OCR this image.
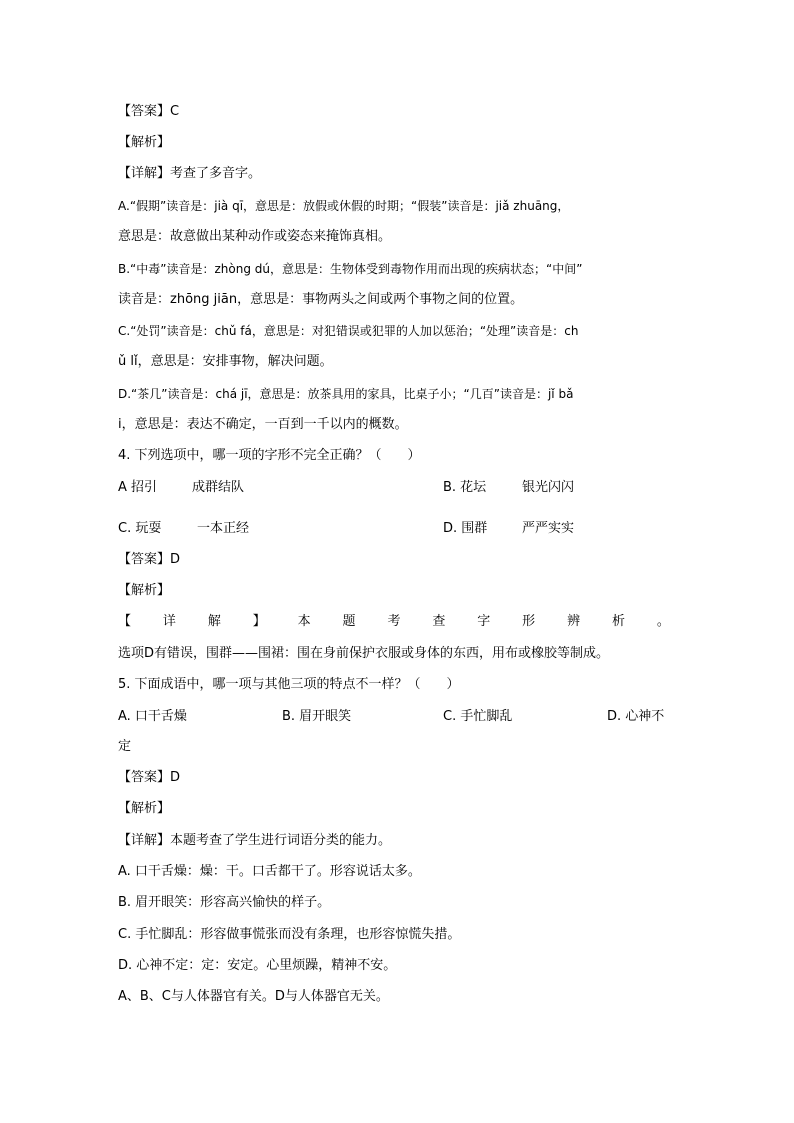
【答案】C
【解析】
【详解】考查了多音字。
A.“假期”读音是：jià qī，意思是：放假或休假的时期；“假装”读音是：jiǎ zhuāng，
意思是：故意做出某种动作或姿态来掩饰真相。
B.“中毒”读音是：zhòng dú，意思是：生物体受到毒物作用而出现的疾病状态；“中间”
读音是：zhōng jiān，意思是：事物两头之间或两个事物之间的位置。
C.“处罚”读音是：chǔ fá，意思是：对犯错误或犯罪的人加以惩治；“处理”读音是：ch
ǔ lǐ，意思是：安排事物，解决问题。
D.“茶几”读音是：chá jī，意思是：放茶具用的家具，比桌子小；“几百”读音是：jǐ bǎ
i，意思是：表达不确定，一百到一千以内的概数。
4. 下列选项中，哪一项的字形不完全正确？（　　）
A 招引	成群结队	B. 花坛	银光闪闪
C. 玩耍	一本正经	D. 围群	严严实实
【答案】D
【解析】
【 详 解 】 本 题 考 查 字 形 辨 析 。
选项D有错误，围群——围裙：围在身前保护衣服或身体的东西，用布或橡胶等制成。
5. 下面成语中，哪一项与其他三项的特点不一样？（　　）
A. 口干舌燥	B. 眉开眼笑	C. 手忙脚乱	D. 心神不
定
【答案】D
【解析】
【详解】本题考查了学生进行词语分类的能力。
A. 口干舌燥：燥：干。口舌都干了。形容说话太多。
B. 眉开眼笑：形容高兴愉快的样子。
C. 手忙脚乱：形容做事慌张而没有条理，也形容惊慌失措。
D. 心神不定：定：安定。心里烦躁，精神不安。
A、B、C与人体器官有关。D与人体器官无关。
